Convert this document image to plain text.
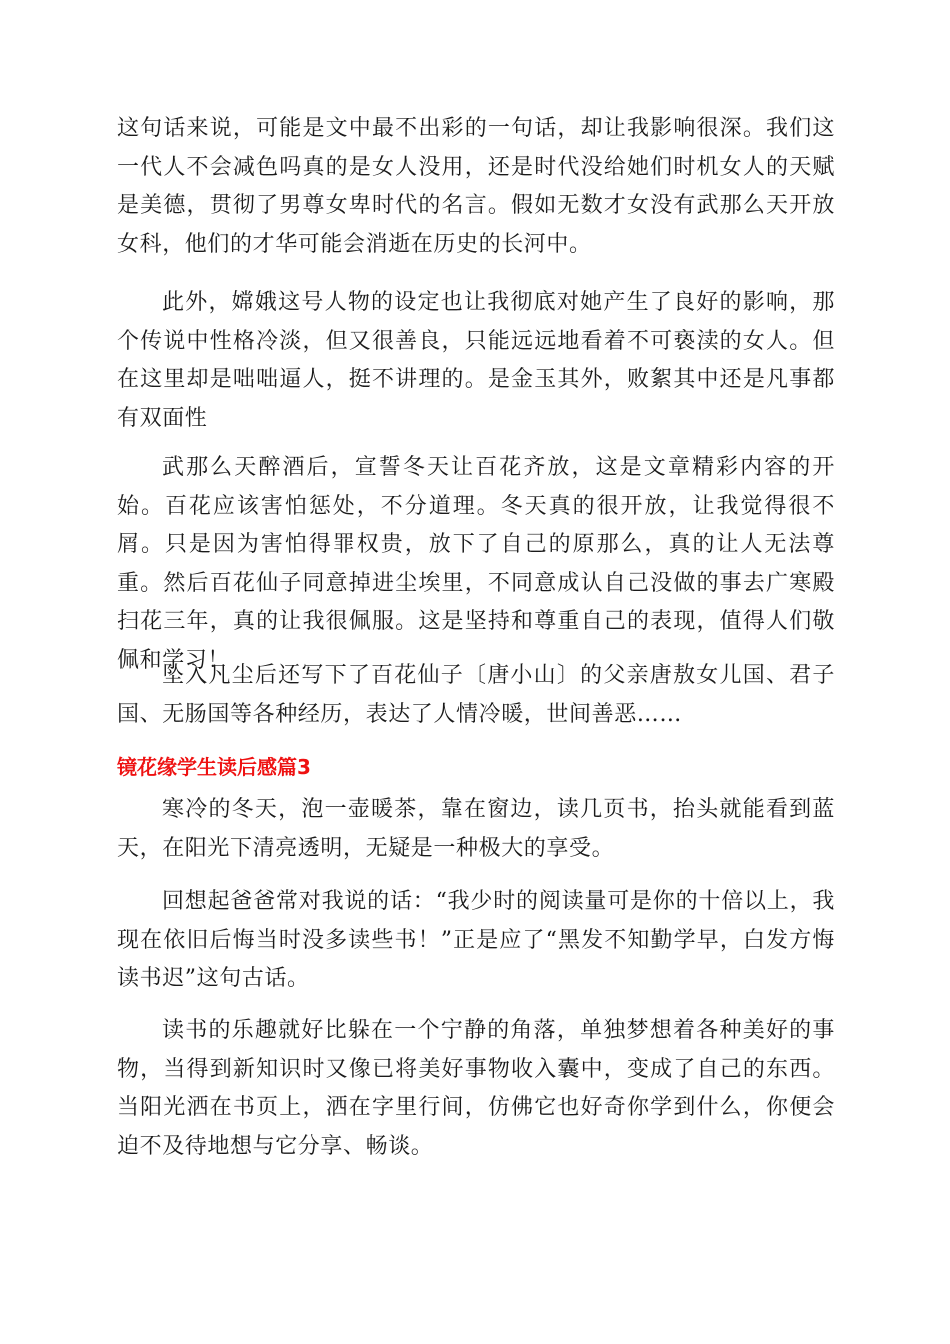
这句话来说，可能是文中最不出彩的一句话，却让我影响很深。我们这一代人不会减色吗真的是女人没用，还是时代没给她们时机女人的天赋是美德，贯彻了男尊女卑时代的名言。假如无数才女没有武那么天开放女科，他们的才华可能会消逝在历史的长河中。

此外，嫦娥这号人物的设定也让我彻底对她产生了良好的影响，那个传说中性格冷淡，但又很善良，只能远远地看着不可亵渎的女人。但在这里却是咄咄逼人，挺不讲理的。是金玉其外，败絮其中还是凡事都有双面性

武那么天醉酒后，宣誓冬天让百花齐放，这是文章精彩内容的开始。百花应该害怕惩处，不分道理。冬天真的很开放，让我觉得很不屑。只是因为害怕得罪权贵，放下了自己的原那么，真的让人无法尊重。然后百花仙子同意掉进尘埃里，不同意成认自己没做的事去广寒殿扫花三年，真的让我很佩服。这是坚持和尊重自己的表现，值得人们敬佩和学习！

坠入凡尘后还写下了百花仙子〔唐小山〕的父亲唐敖女儿国、君子国、无肠国等各种经历，表达了人情冷暖，世间善恶……

镜花缘学生读后感篇3

寒冷的冬天，泡一壶暖茶，靠在窗边，读几页书，抬头就能看到蓝天，在阳光下清亮透明，无疑是一种极大的享受。

回想起爸爸常对我说的话：“我少时的阅读量可是你的十倍以上，我现在依旧后悔当时没多读些书！”正是应了“黑发不知勤学早，白发方悔读书迟”这句古话。

读书的乐趣就好比躲在一个宁静的角落，单独梦想着各种美好的事物，当得到新知识时又像已将美好事物收入囊中，变成了自己的东西。当阳光洒在书页上，洒在字里行间，仿佛它也好奇你学到什么，你便会迫不及待地想与它分享、畅谈。
